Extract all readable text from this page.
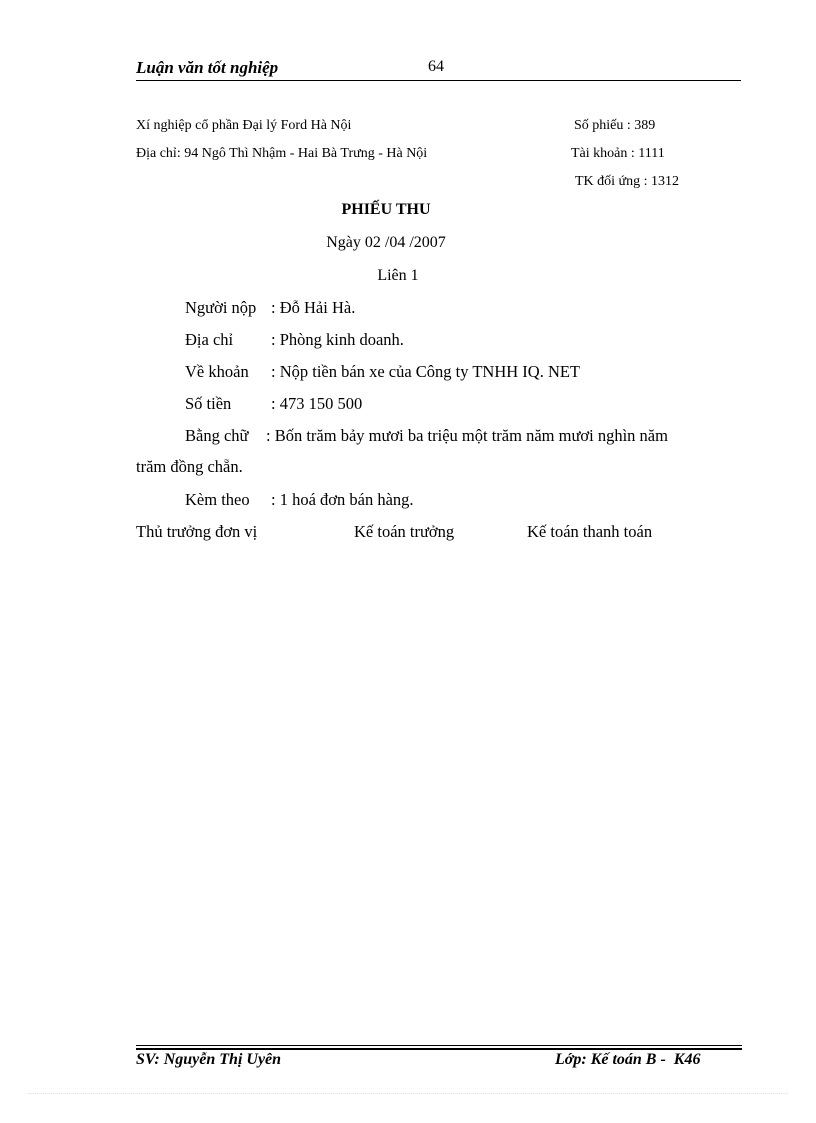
Luận văn tốt nghiệp	64
Xí nghiệp cổ phần Đại lý Ford Hà Nội
Địa chỉ: 94 Ngô Thì Nhậm - Hai Bà Trưng - Hà Nội
Số phiếu : 389
Tài khoản : 1111
TK đối ứng : 1312
PHIẾU THU
Ngày 02 /04 /2007
Liên 1
Người nộp : Đỗ Hải Hà.
Địa chỉ : Phòng kinh doanh.
Về khoản : Nộp tiền bán xe của Công ty TNHH IQ. NET
Số tiền : 473 150 500
Bằng chữ : Bốn trăm bảy mươi ba triệu một trăm năm mươi nghìn năm
trăm đồng chẵn.
Kèm theo : 1 hoá đơn bán hàng.
Thủ trưởng đơn vị	Kế toán trưởng	Kế toán thanh toán
SV: Nguyễn Thị Uyên	Lớp: Kế toán B -  K46
